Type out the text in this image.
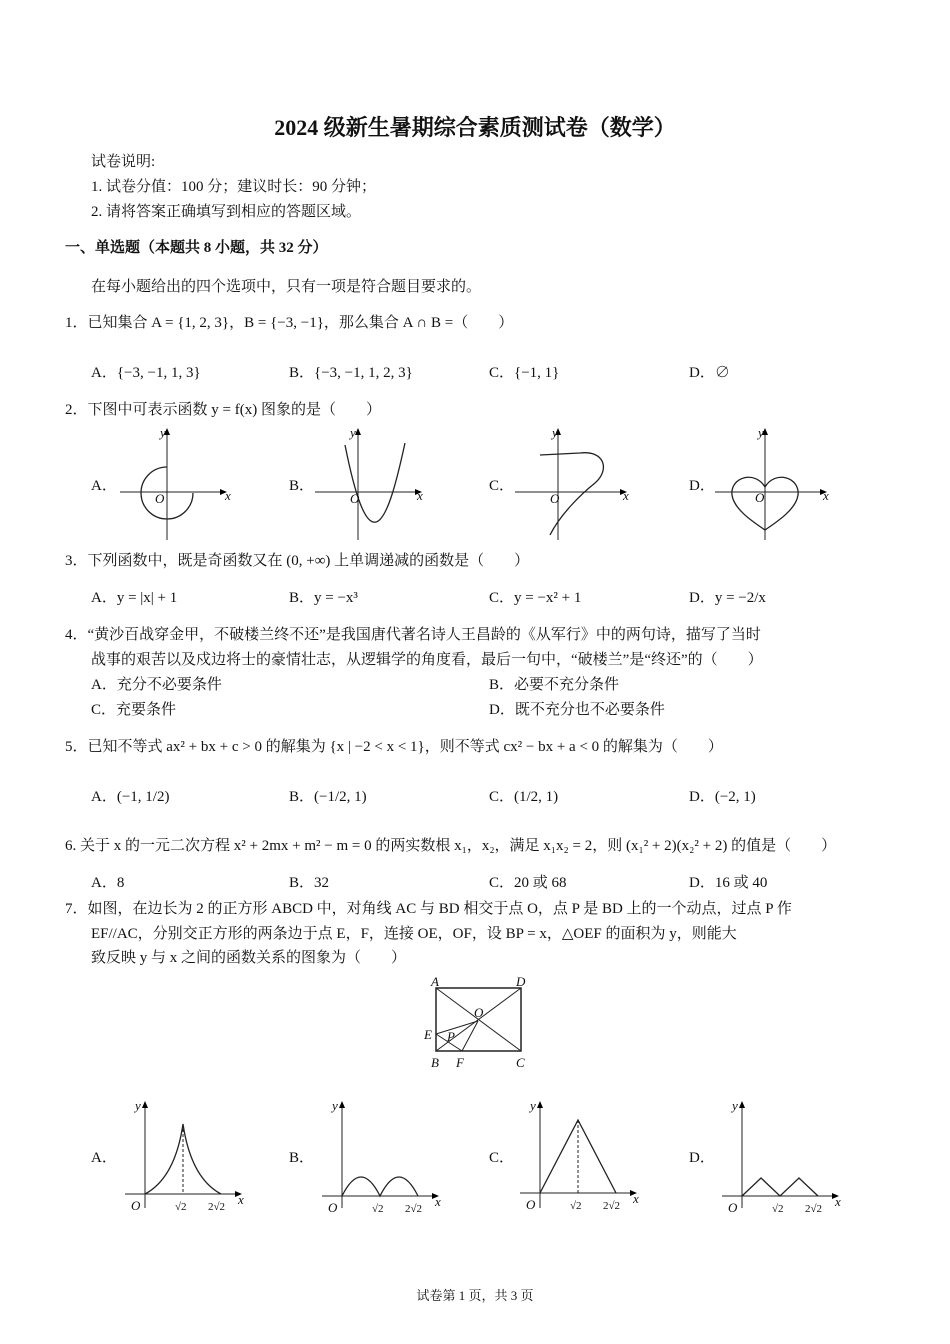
2024 级新生暑期综合素质测试卷（数学）
试卷说明:
1. 试卷分值：100 分；建议时长：90 分钟；
2. 请将答案正确填写到相应的答题区域。
一、单选题（本题共 8 小题，共 32 分）
在每小题给出的四个选项中，只有一项是符合题目要求的。
1．已知集合 A = {1, 2, 3}，B = {−3, −1}，那么集合 A ∩ B =（　　）
A．{−3, −1, 1, 3}	B．{−3, −1, 1, 2, 3}	C．{−1, 1}	D．∅
2．下图中可表示函数 y = f(x) 图象的是（　　）
A．	B．	C．	D．
y
x
O
y
x
O
y
x
O
y
x
O
3．下列函数中，既是奇函数又在 (0, +∞) 上单调递减的函数是（　　）
A．y = |x| + 1	B．y = −x³	C．y = −x² + 1	D．y = −2/x
4．“黄沙百战穿金甲，不破楼兰终不还”是我国唐代著名诗人王昌龄的《从军行》中的两句诗，描写了当时
战事的艰苦以及戍边将士的豪情壮志，从逻辑学的角度看，最后一句中，“破楼兰”是“终还”的（　　）
A．充分不必要条件	B．必要不充分条件
C．充要条件	D．既不充分也不必要条件
5．已知不等式 ax² + bx + c > 0 的解集为 {x | −2 < x < 1}，则不等式 cx² − bx + a < 0 的解集为（　　）
A．(−1, 1/2)	B．(−1/2, 1)	C．(1/2, 1)	D．(−2, 1)
6. 关于 x 的一元二次方程 x² + 2mx + m² − m = 0 的两实数根 x₁，x₂，满足 x₁x₂ = 2，则 (x₁² + 2)(x₂² + 2) 的值是（　　）
A．8	B．32	C．20 或 68	D．16 或 40
7．如图，在边长为 2 的正方形 ABCD 中，对角线 AC 与 BD 相交于点 O，点 P 是 BD 上的一个动点，过点 P 作
EF//AC，分别交正方形的两条边于点 E，F，连接 OE，OF，设 BP = x，△OEF 的面积为 y，则能大
致反映 y 与 x 之间的函数关系的图象为（　　）
A	D
O
E P
B F	C
A．	B．	C．	D．
y
x
O	√2 2√2
y
x
O	√2 2√2
y
x
O	√2 2√2
y
x
O	√2 2√2
试卷第 1 页，共 3 页
